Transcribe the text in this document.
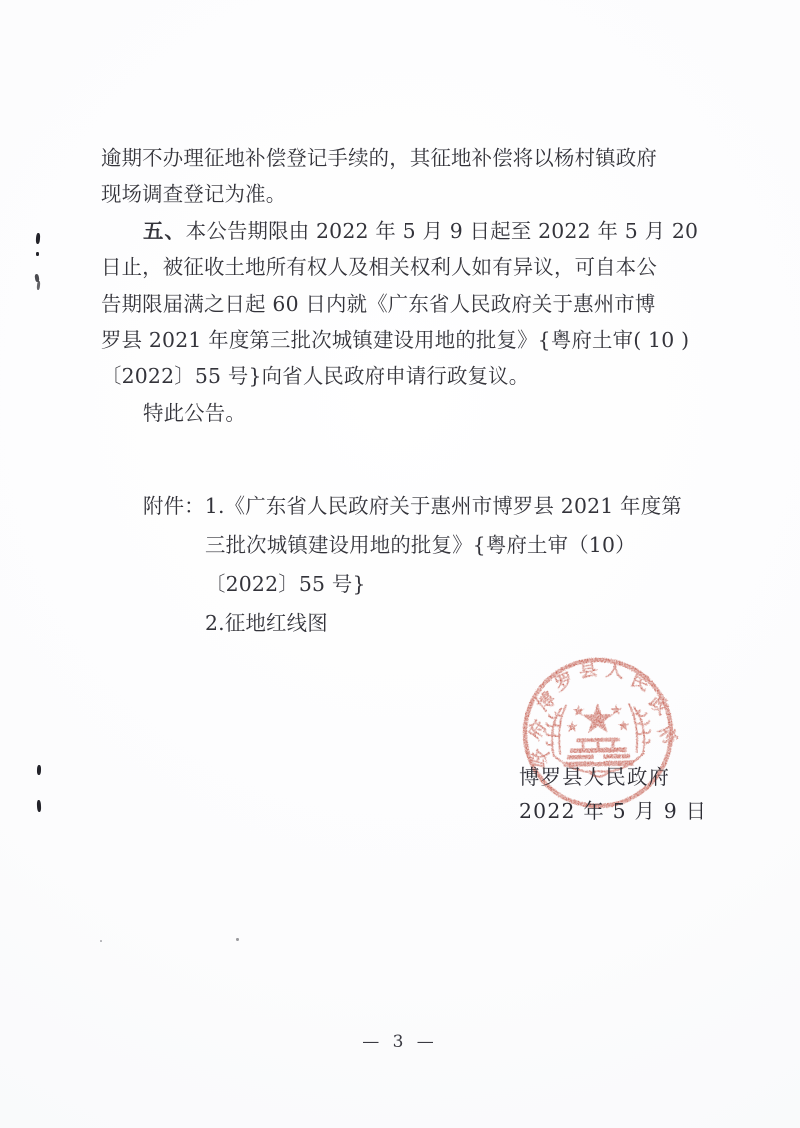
逾期不办理征地补偿登记手续的，其征地补偿将以杨村镇政府
现场调查登记为准。
五、本公告期限由 2022 年 5 月 9 日起至 2022 年 5 月 20
日止，被征收土地所有权人及相关权利人如有异议，可自本公
告期限届满之日起 60 日内就《广东省人民政府关于惠州市博
罗县 2021 年度第三批次城镇建设用地的批复》{粤府土审( 10 )
〔2022〕55 号}向省人民政府申请行政复议。
特此公告。
附件：1.《广东省人民政府关于惠州市博罗县 2021 年度第
三批次城镇建设用地的批复》{粤府土审（10）
〔2022〕55 号}
2.征地红线图
政
府
博
罗 县 人 民
政
府
博罗县人民政府
2022 年 5 月 9 日
— 3 —
